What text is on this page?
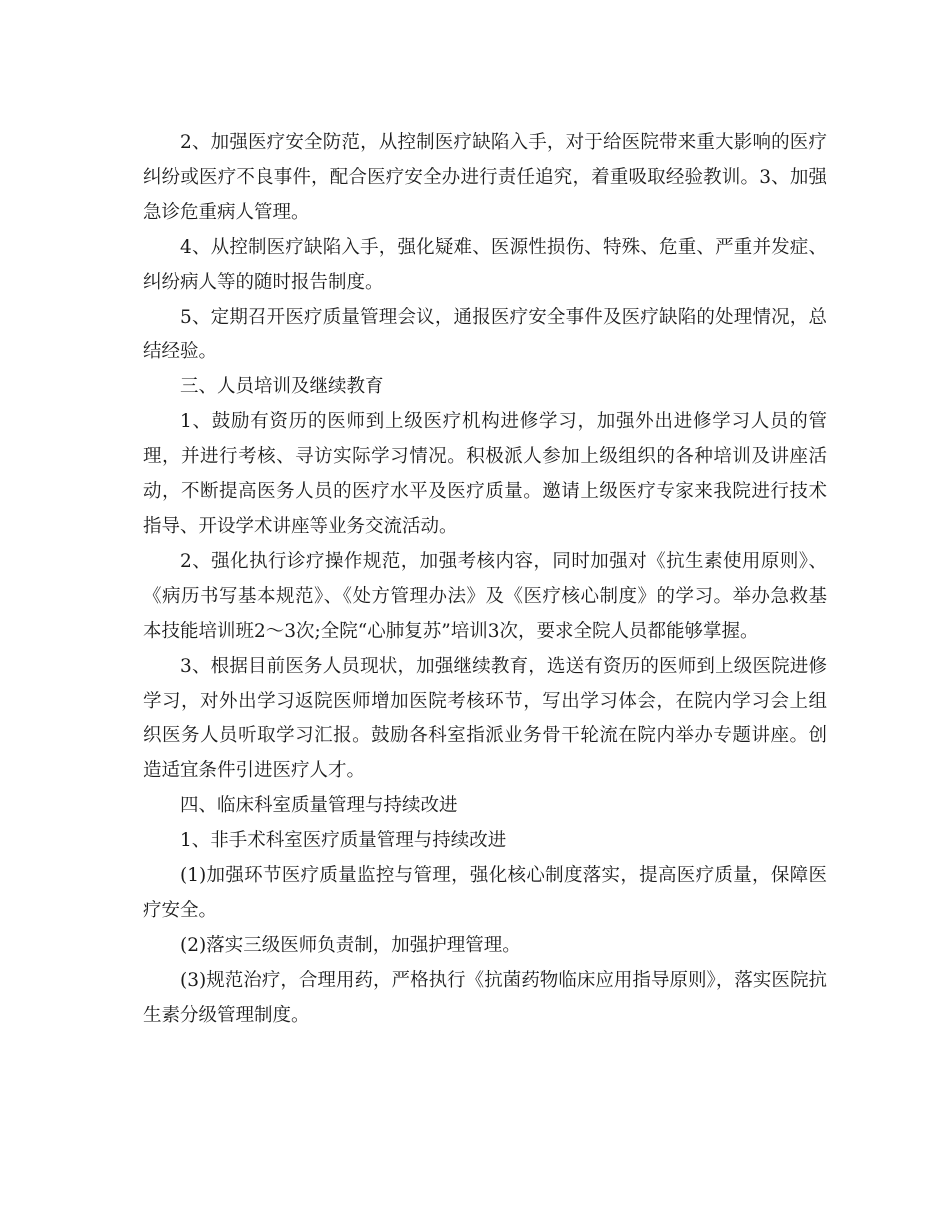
2、加强医疗安全防范，从控制医疗缺陷入手，对于给医院带来重大影响的医疗纠纷或医疗不良事件，配合医疗安全办进行责任追究，着重吸取经验教训。3、加强急诊危重病人管理。

4、从控制医疗缺陷入手，强化疑难、医源性损伤、特殊、危重、严重并发症、纠纷病人等的随时报告制度。

5、定期召开医疗质量管理会议，通报医疗安全事件及医疗缺陷的处理情况，总结经验。

三、人员培训及继续教育

1、鼓励有资历的医师到上级医疗机构进修学习，加强外出进修学习人员的管理，并进行考核、寻访实际学习情况。积极派人参加上级组织的各种培训及讲座活动，不断提高医务人员的医疗水平及医疗质量。邀请上级医疗专家来我院进行技术指导、开设学术讲座等业务交流活动。

2、强化执行诊疗操作规范，加强考核内容，同时加强对《抗生素使用原则》、《病历书写基本规范》、《处方管理办法》及《医疗核心制度》的学习。举办急救基本技能培训班2～3次;全院“心肺复苏”培训3次，要求全院人员都能够掌握。

3、根据目前医务人员现状，加强继续教育，选送有资历的医师到上级医院进修学习，对外出学习返院医师增加医院考核环节，写出学习体会，在院内学习会上组织医务人员听取学习汇报。鼓励各科室指派业务骨干轮流在院内举办专题讲座。创造适宜条件引进医疗人才。

四、临床科室质量管理与持续改进

1、非手术科室医疗质量管理与持续改进

(1)加强环节医疗质量监控与管理，强化核心制度落实，提高医疗质量，保障医疗安全。

(2)落实三级医师负责制，加强护理管理。

(3)规范治疗，合理用药，严格执行《抗菌药物临床应用指导原则》，落实医院抗生素分级管理制度。
